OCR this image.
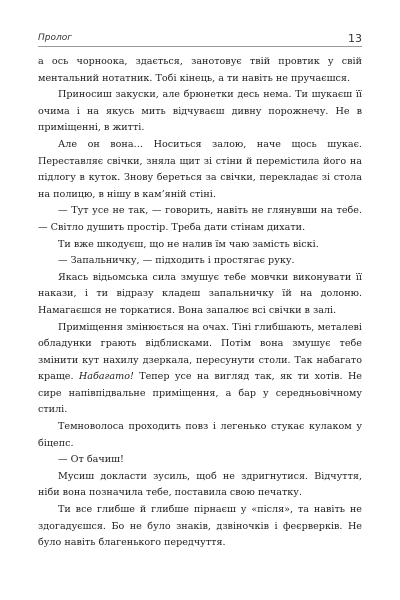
Пролог	13

а ось чорноока, здається, занотовує твій провтик у свій ментальний нотатник. Тобі кінець, а ти навіть не пручаєшся.

Приносиш закуски, але брюнетки десь нема. Ти шукаєш її очима і на якусь мить відчуваєш дивну порожнечу. Не в приміщенні, в житті.

Але он вона… Носиться залою, наче щось шукає. Переставляє свічки, зняла щит зі стіни й перемістила його на підлогу в куток. Знову береться за свічки, перекладає зі стола на полицю, в нішу в кам’яній стіні.

— Тут усе не так, — говорить, навіть не глянувши на тебе. — Світло душить простір. Треба дати стінам дихати.

Ти вже шкодуєш, що не налив їм чаю замість віскі.

— Запальничку, — підходить і простягає руку.

Якась відьомська сила змушує тебе мовчки виконувати її накази, і ти відразу кладеш запальничку їй на долоню. Намагаєшся не торкатися. Вона запалює всі свічки в залі.

Приміщення змінюється на очах. Тіні глибшають, металеві обладунки грають відблисками. Потім вона змушує тебе змінити кут нахилу дзеркала, пересунути столи. Так набагато краще. Набагато! Тепер усе на вигляд так, як ти хотів. Не сире напівпідвальне приміщення, а бар у середньовічному стилі.

Темноволоса проходить повз і легенько стукає кулаком у біцепс.

— От бачиш!

Мусиш докласти зусиль, щоб не здригнутися. Відчуття, ніби вона позначила тебе, поставила свою печатку.

Ти все глибше й глибше пірнаєш у «після», та навіть не здогадуєшся. Бо не було знаків, дзвіночків і феєрверків. Не було навіть благенького передчуття.
